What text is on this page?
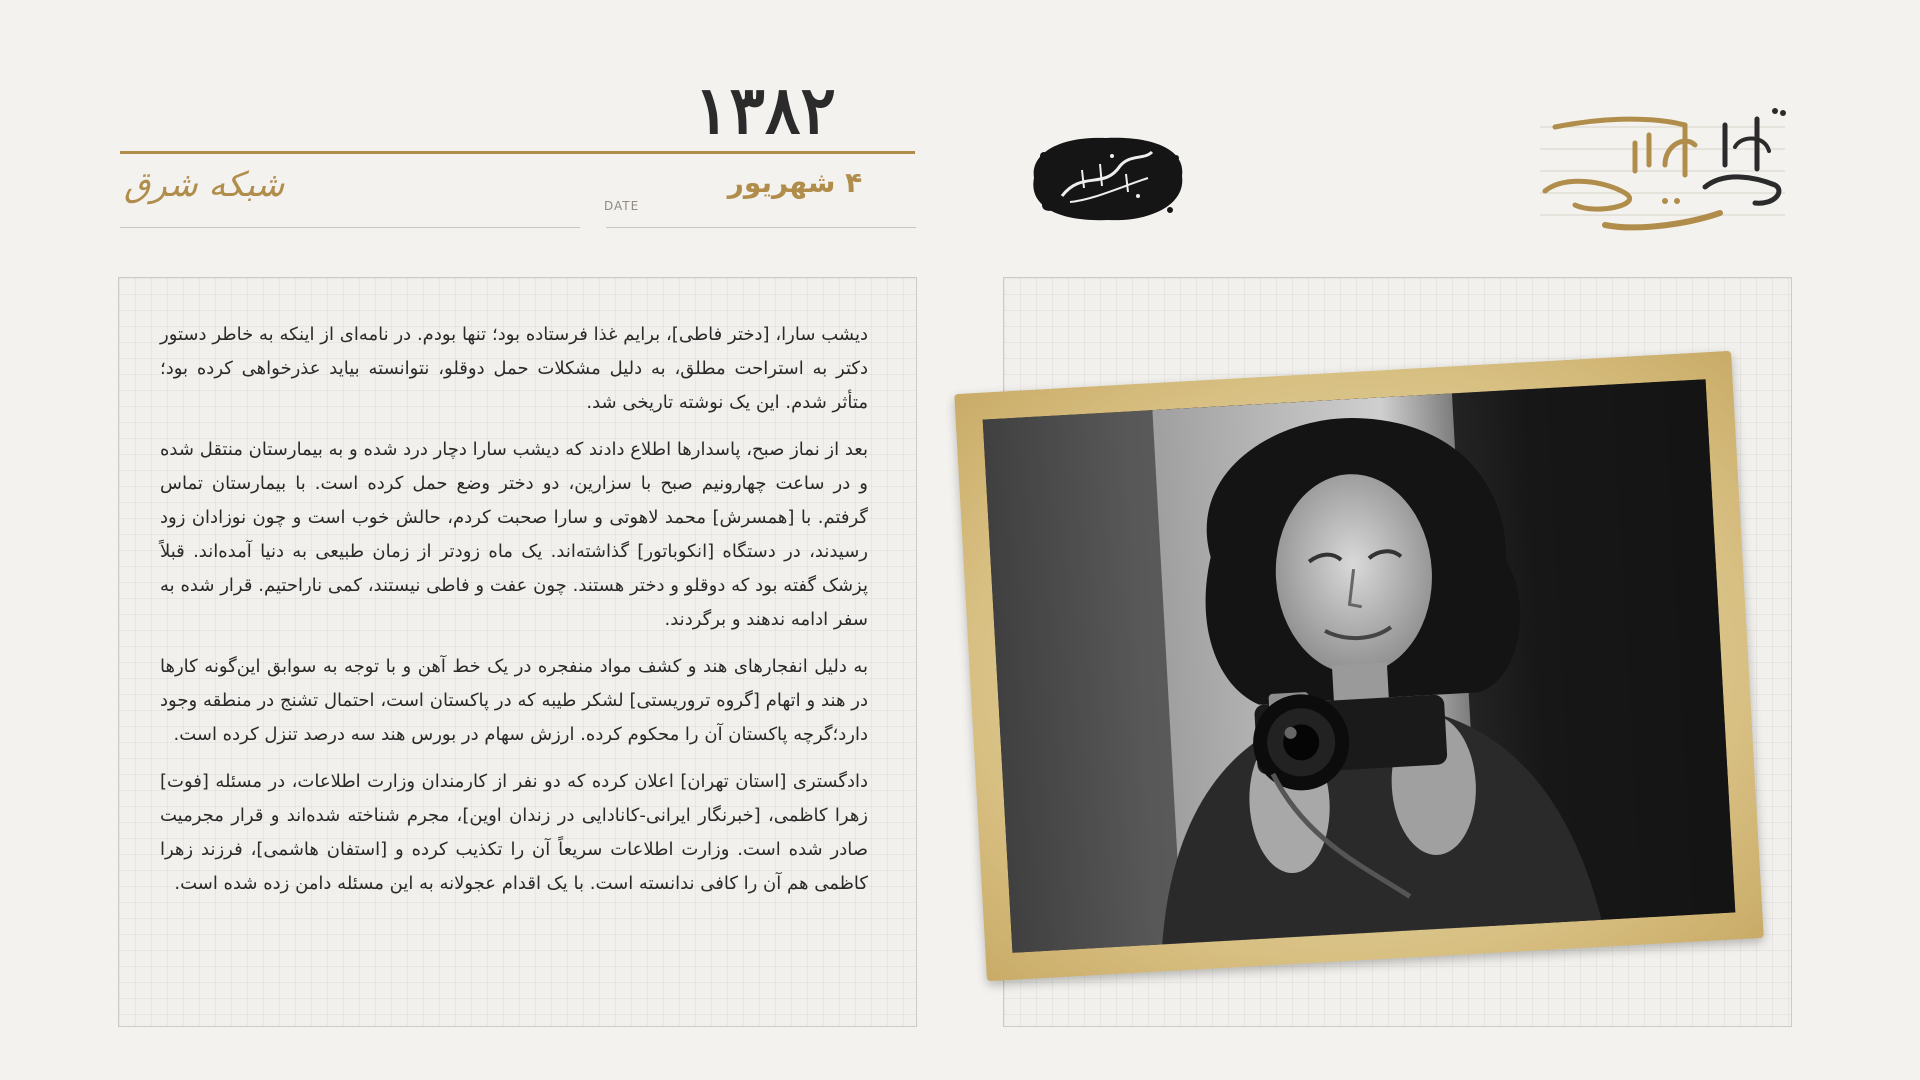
۱۳۸۲
DATE
۴ شهریور
شبکه شرق

دیشب سارا، [دختر فاطی]، برایم غذا فرستاده بود؛ تنها بودم. در نامه‌ای از اینکه به خاطر دستور دکتر به استراحت مطلق، به دلیل مشکلات حمل دوقلو، نتوانسته بیاید عذرخواهی کرده بود؛ متأثر شدم. این یک نوشته تاریخی شد.

بعد از نماز صبح، پاسدارها اطلاع دادند که دیشب سارا دچار درد شده و به بیمارستان منتقل شده و در ساعت چهارونیم صبح با سزارین، دو دختر وضع حمل کرده است. با بیمارستان تماس گرفتم. با [همسرش] محمد لاهوتی و سارا صحبت کردم، حالش خوب است و چون نوزادان زود رسیدند، در دستگاه [انکوباتور] گذاشته‌اند. یک ماه زودتر از زمان طبیعی به دنیا آمده‌اند. قبلاً پزشک گفته بود که دوقلو و دختر هستند. چون عفت و فاطی نیستند، کمی ناراحتیم. قرار شده به سفر ادامه ندهند و برگردند.

به دلیل انفجارهای هند و کشف مواد منفجره در یک خط آهن و با توجه به سوابق این‌گونه کارها در هند و اتهام [گروه تروریستی] لشکر طیبه که در پاکستان است، احتمال تشنج در منطقه وجود دارد؛گرچه پاکستان آن را محکوم کرده. ارزش سهام در بورس هند سه درصد تنزل کرده است.

دادگستری [استان تهران] اعلان کرده که دو نفر از کارمندان وزارت اطلاعات، در مسئله [فوت] زهرا کاظمی، [خبرنگار ایرانی-کانادایی در زندان اوین]، مجرم شناخته شده‌اند و قرار مجرمیت صادر شده است. وزارت اطلاعات سریعاً آن را تکذیب کرده و [استفان هاشمی]، فرزند زهرا کاظمی هم آن را کافی ندانسته است. با یک اقدام عجولانه به این مسئله دامن زده شده است.
